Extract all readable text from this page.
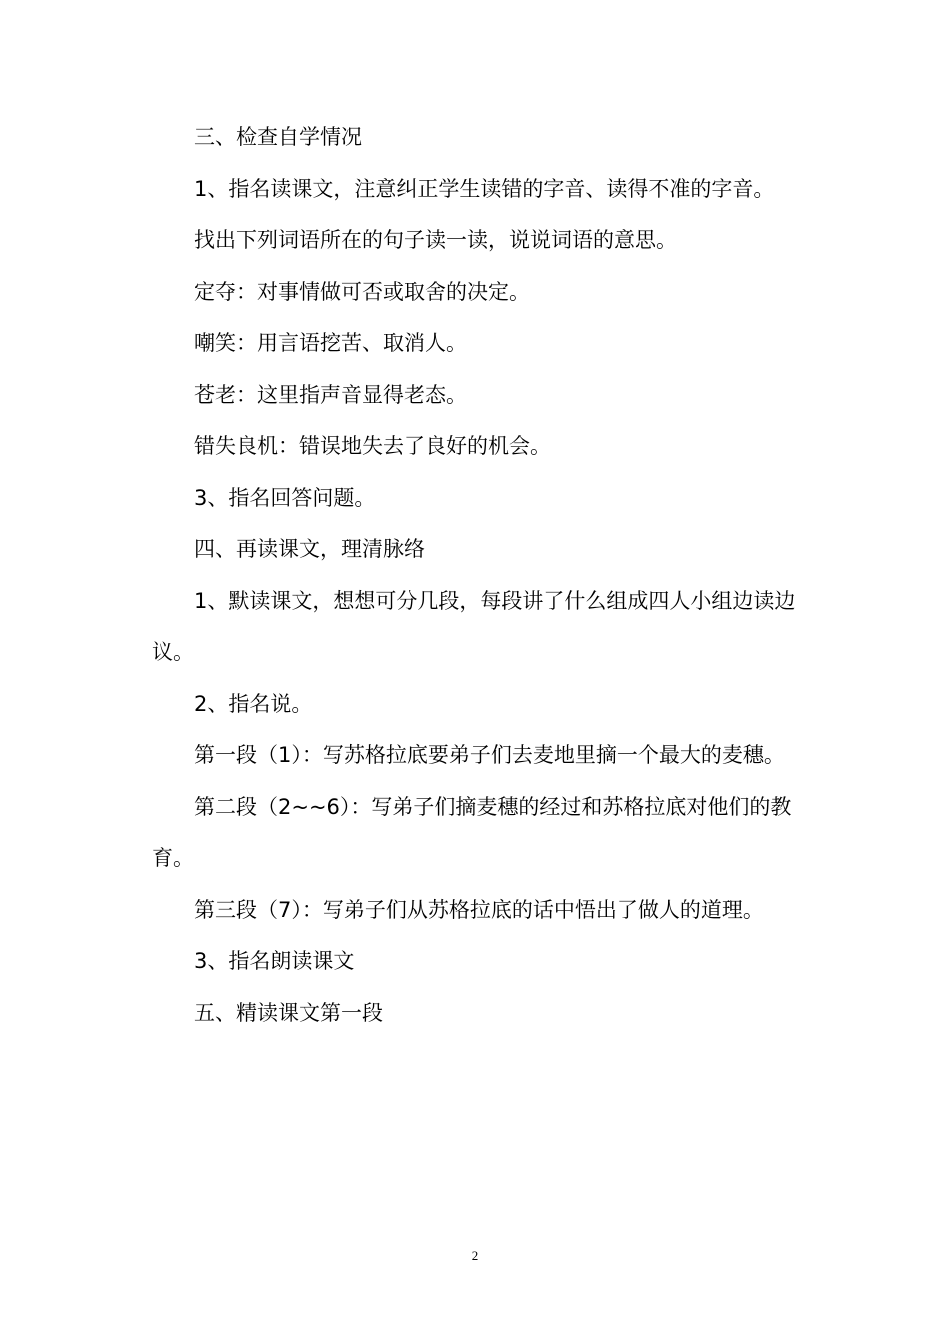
三、检查自学情况

1、指名读课文，注意纠正学生读错的字音、读得不准的字音。

找出下列词语所在的句子读一读，说说词语的意思。

定夺：对事情做可否或取舍的决定。

嘲笑：用言语挖苦、取消人。

苍老：这里指声音显得老态。

错失良机：错误地失去了良好的机会。

3、指名回答问题。

四、再读课文，理清脉络

1、默读课文，想想可分几段，每段讲了什么组成四人小组边读边议。

2、指名说。

第一段（1）：写苏格拉底要弟子们去麦地里摘一个最大的麦穗。

第二段（2~~6）：写弟子们摘麦穗的经过和苏格拉底对他们的教育。

第三段（7）：写弟子们从苏格拉底的话中悟出了做人的道理。

3、指名朗读课文

五、精读课文第一段

2
